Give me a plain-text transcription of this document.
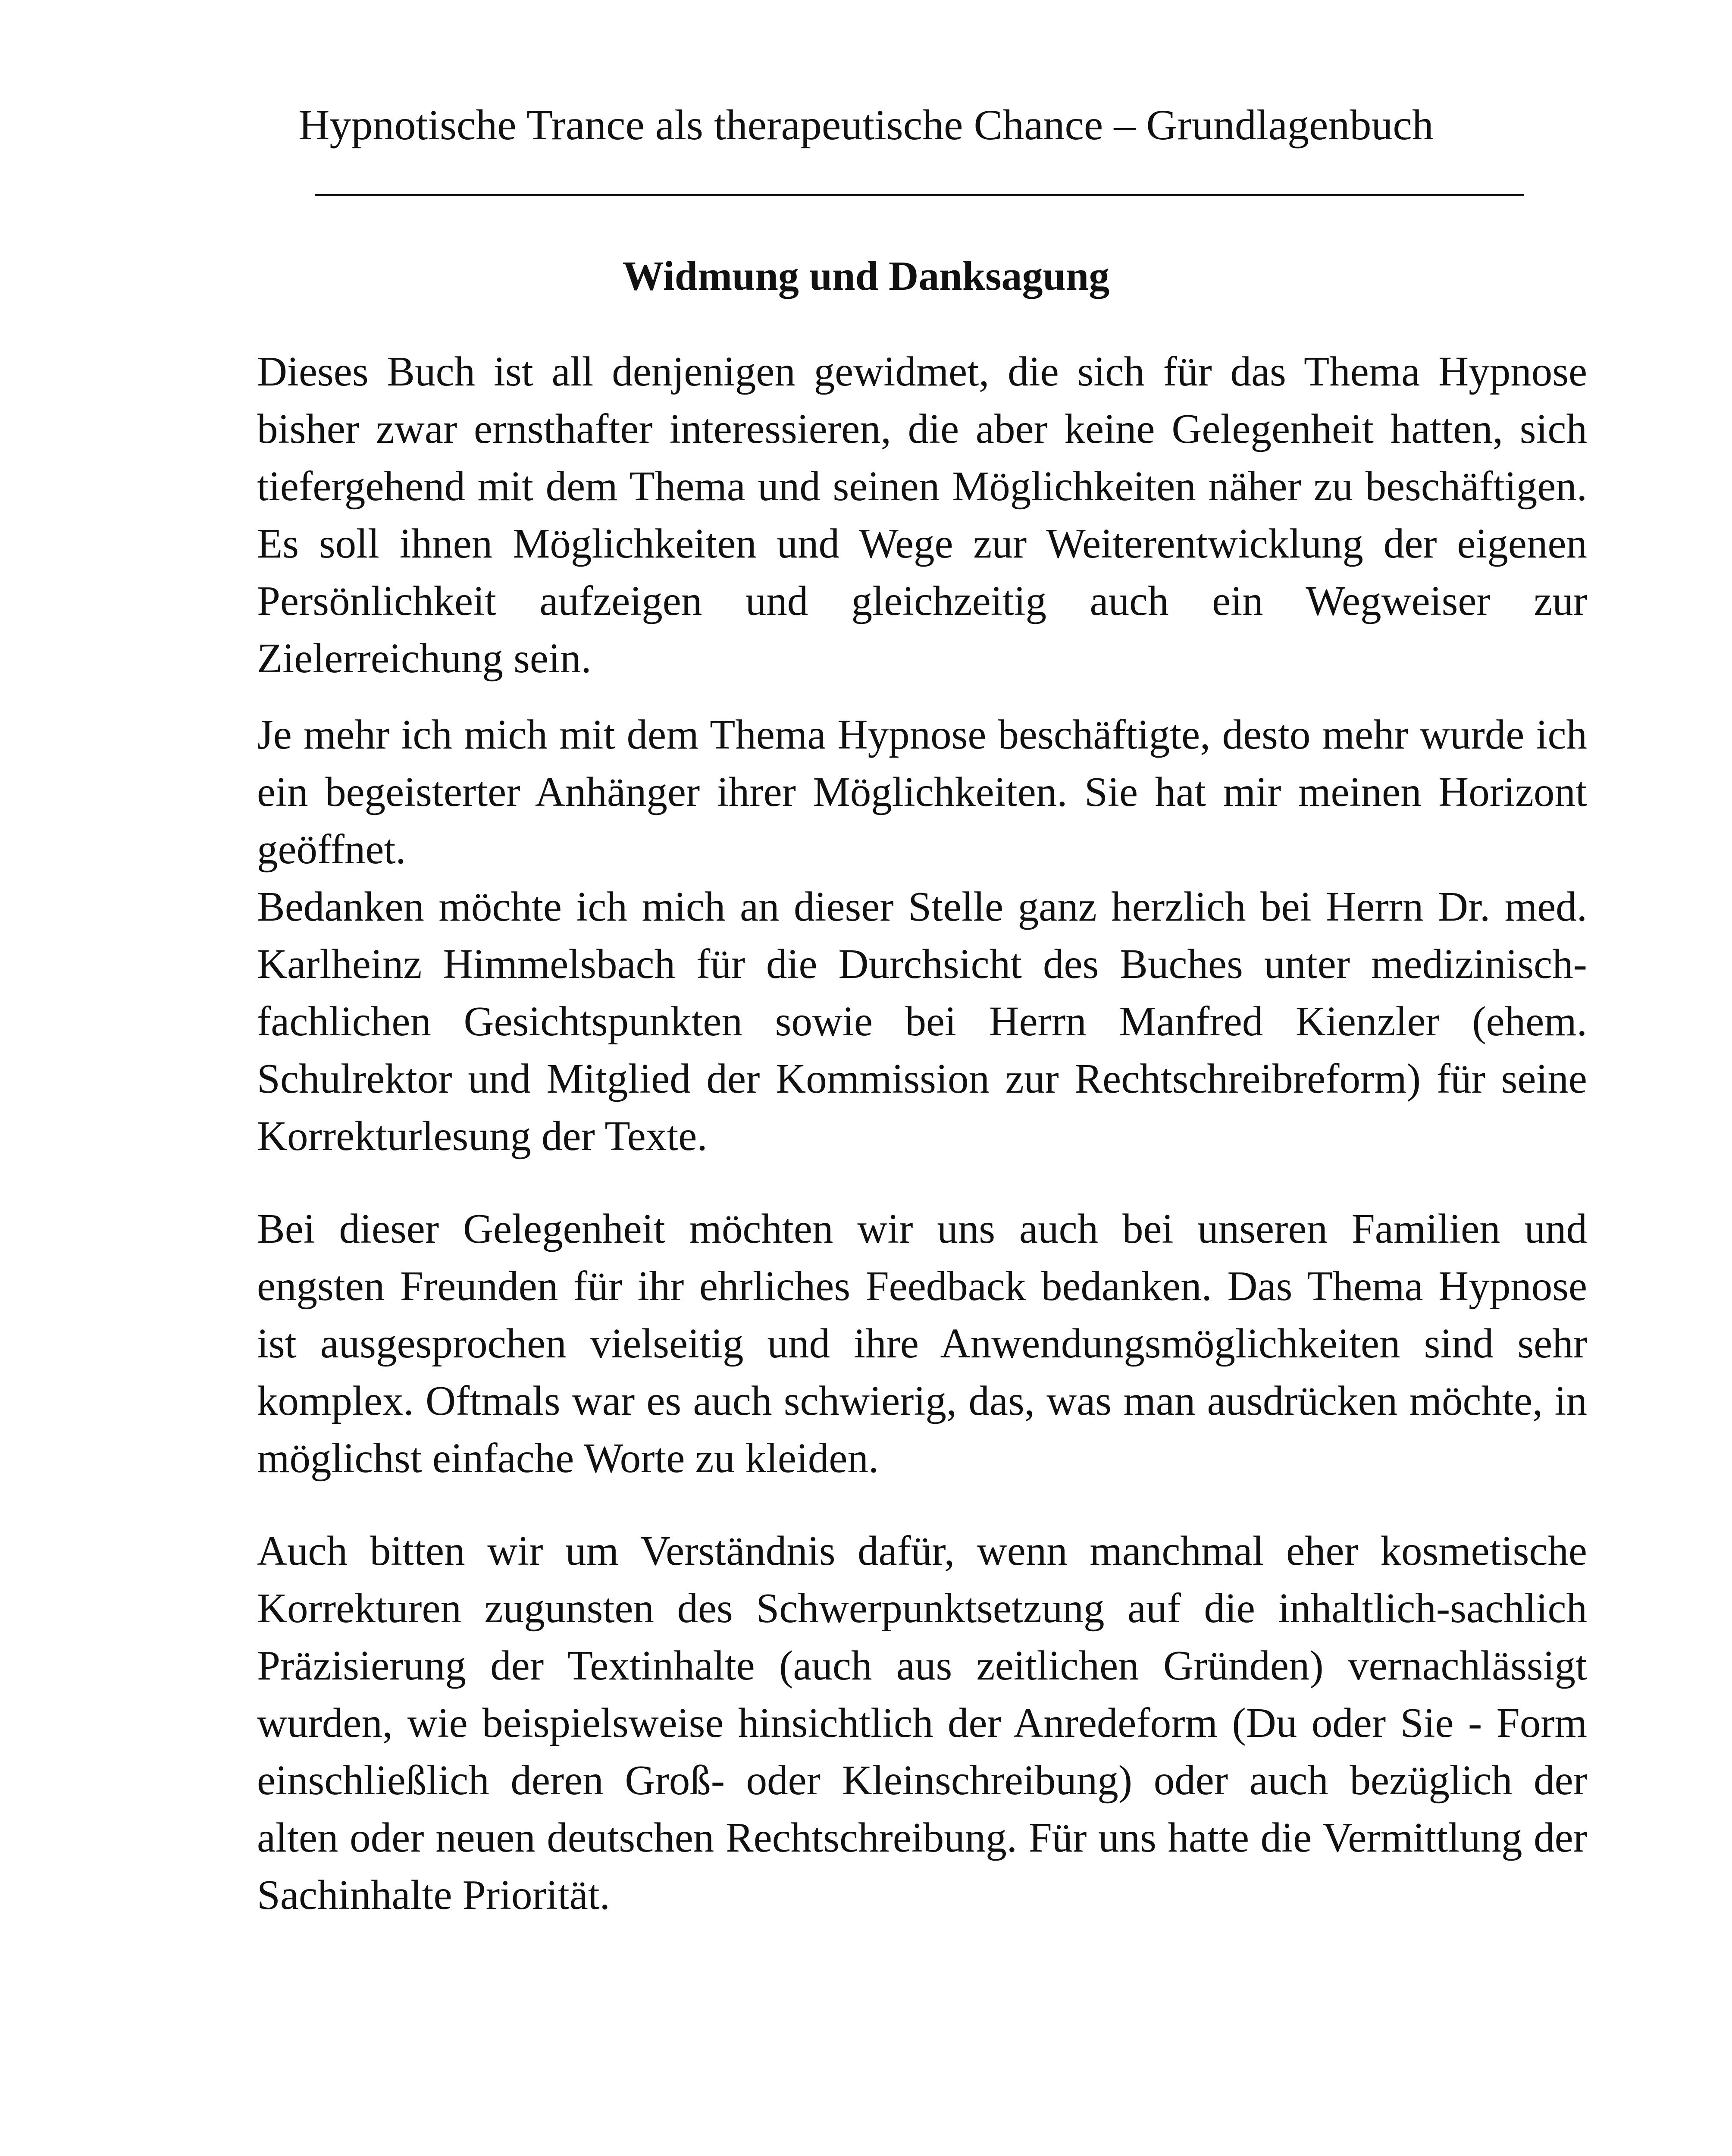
Hypnotische Trance als therapeutische Chance – Grundlagenbuch
Widmung und Danksagung

Dieses Buch ist all denjenigen gewidmet, die sich für das Thema Hypnose bisher zwar ernsthafter interessieren, die aber keine Gelegenheit hatten, sich tiefergehend mit dem Thema und seinen Möglichkeiten näher zu beschäftigen. Es soll ihnen Möglichkeiten und Wege zur Weiterentwicklung der eigenen Persönlichkeit aufzeigen und gleichzeitig auch ein Wegweiser zur Zielerreichung sein.

Je mehr ich mich mit dem Thema Hypnose beschäftigte, desto mehr wurde ich ein begeisterter Anhänger ihrer Möglichkeiten. Sie hat mir meinen Horizont geöffnet.

Bedanken möchte ich mich an dieser Stelle ganz herzlich bei Herrn Dr. med. Karlheinz Himmelsbach für die Durchsicht des Buches unter medizinisch-fachlichen Gesichtspunkten sowie bei Herrn Manfred Kienzler (ehem. Schulrektor und Mitglied der Kommission zur Rechtschreibreform) für seine Korrekturlesung der Texte.

Bei dieser Gelegenheit möchten wir uns auch bei unseren Familien und engsten Freunden für ihr ehrliches Feedback bedanken. Das Thema Hypnose ist ausgesprochen vielseitig und ihre Anwendungsmöglichkeiten sind sehr komplex. Oftmals war es auch schwierig, das, was man ausdrücken möchte, in möglichst einfache Worte zu kleiden.

Auch bitten wir um Verständnis dafür, wenn manchmal eher kosmetische Korrekturen zugunsten des Schwerpunktsetzung auf die inhaltlich-sachlich Präzisierung der Textinhalte (auch aus zeitlichen Gründen) vernachlässigt wurden, wie beispielsweise hinsichtlich der Anredeform (Du oder Sie - Form einschließlich deren Groß- oder Kleinschreibung) oder auch bezüglich der alten oder neuen deutschen Rechtschreibung. Für uns hatte die Vermittlung der Sachinhalte Priorität.
